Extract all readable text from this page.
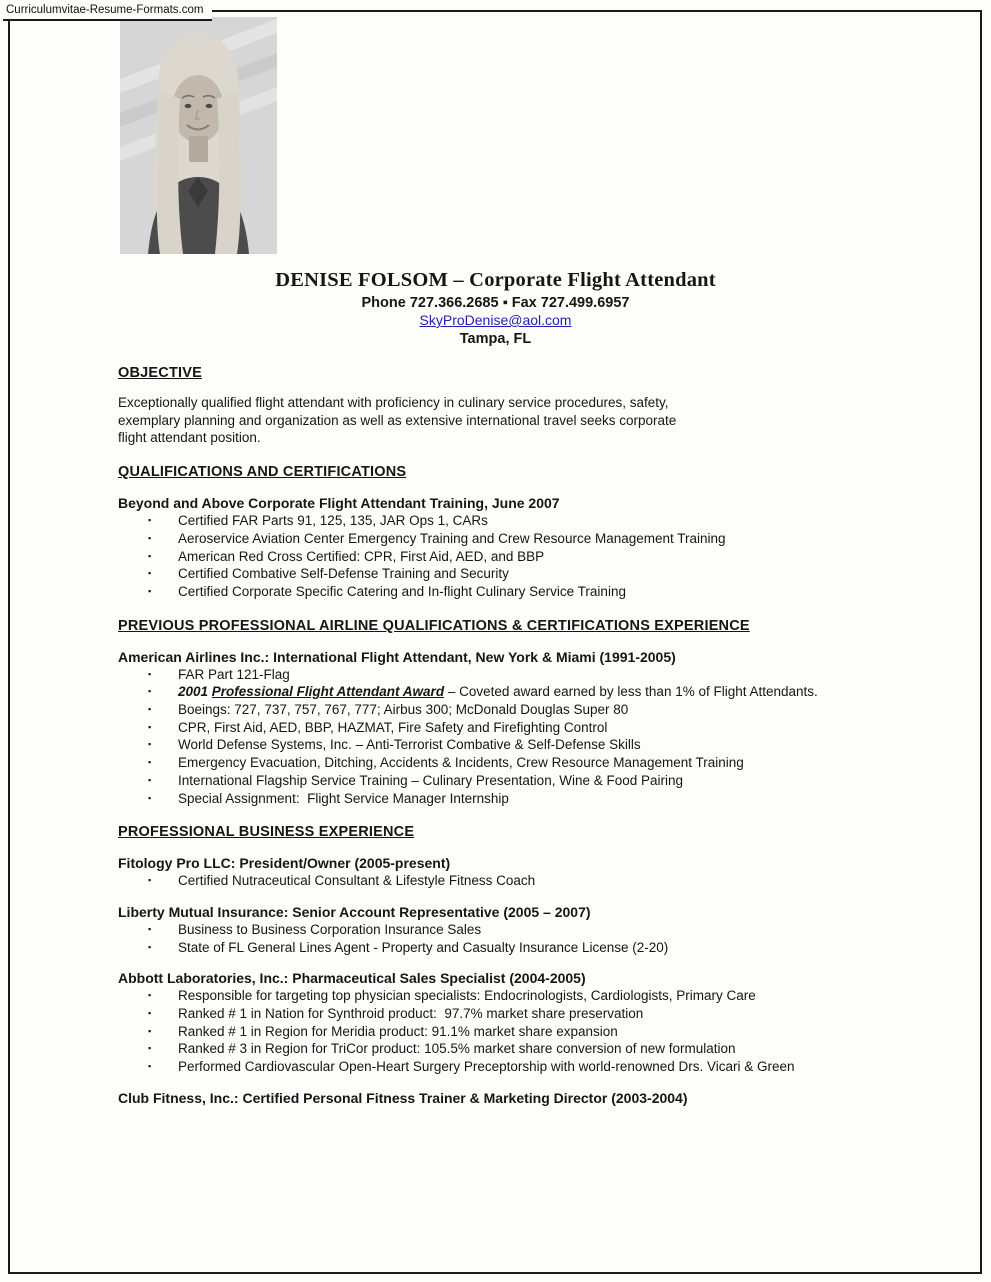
Curriculumvitae-Resume-Formats.com
DENISE FOLSOM – Corporate Flight Attendant
Phone 727.366.2685 ▪ Fax 727.499.6957
SkyProDenise@aol.com
Tampa, FL
OBJECTIVE

Exceptionally qualified flight attendant with proficiency in culinary service procedures, safety, exemplary planning and organization as well as extensive international travel seeks corporate flight attendant position.

QUALIFICATIONS AND CERTIFICATIONS
Beyond and Above Corporate Flight Attendant Training, June 2007
▪	Certified FAR Parts 91, 125, 135, JAR Ops 1, CARs
▪	Aeroservice Aviation Center Emergency Training and Crew Resource Management Training
▪	American Red Cross Certified: CPR, First Aid, AED, and BBP
▪	Certified Combative Self-Defense Training and Security
▪	Certified Corporate Specific Catering and In-flight Culinary Service Training
PREVIOUS PROFESSIONAL AIRLINE QUALIFICATIONS & CERTIFICATIONS EXPERIENCE
American Airlines Inc.: International Flight Attendant, New York & Miami (1991-2005)
▪	FAR Part 121-Flag
▪	2001 Professional Flight Attendant Award – Coveted award earned by less than 1% of Flight Attendants.
▪	Boeings: 727, 737, 757, 767, 777; Airbus 300; McDonald Douglas Super 80
▪	CPR, First Aid, AED, BBP, HAZMAT, Fire Safety and Firefighting Control
▪	World Defense Systems, Inc. – Anti-Terrorist Combative & Self-Defense Skills
▪	Emergency Evacuation, Ditching, Accidents & Incidents, Crew Resource Management Training
▪	International Flagship Service Training – Culinary Presentation, Wine & Food Pairing
▪	Special Assignment:  Flight Service Manager Internship
PROFESSIONAL BUSINESS EXPERIENCE
Fitology Pro LLC: President/Owner (2005-present)
▪	Certified Nutraceutical Consultant & Lifestyle Fitness Coach
Liberty Mutual Insurance: Senior Account Representative (2005 – 2007)
▪	Business to Business Corporation Insurance Sales
▪	State of FL General Lines Agent - Property and Casualty Insurance License (2-20)
Abbott Laboratories, Inc.: Pharmaceutical Sales Specialist (2004-2005)
▪	Responsible for targeting top physician specialists: Endocrinologists, Cardiologists, Primary Care
▪	Ranked # 1 in Nation for Synthroid product:  97.7% market share preservation
▪	Ranked # 1 in Region for Meridia product: 91.1% market share expansion
▪	Ranked # 3 in Region for TriCor product: 105.5% market share conversion of new formulation
▪	Performed Cardiovascular Open-Heart Surgery Preceptorship with world-renowned Drs. Vicari & Green
Club Fitness, Inc.: Certified Personal Fitness Trainer & Marketing Director (2003-2004)
